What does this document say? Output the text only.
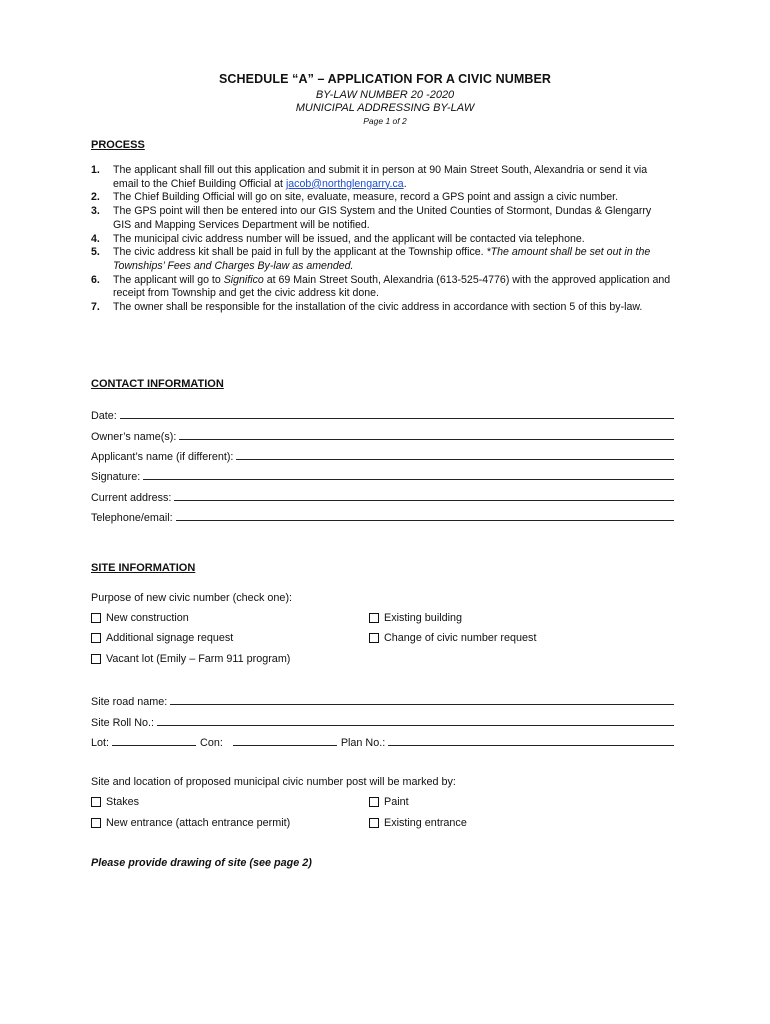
SCHEDULE “A” – APPLICATION FOR A CIVIC NUMBER
BY-LAW NUMBER 20 -2020
MUNICIPAL ADDRESSING BY-LAW
Page 1 of 2
PROCESS
1. The applicant shall fill out this application and submit it in person at 90 Main Street South, Alexandria or send it via email to the Chief Building Official at jacob@northglengarry.ca.
2. The Chief Building Official will go on site, evaluate, measure, record a GPS point and assign a civic number.
3. The GPS point will then be entered into our GIS System and the United Counties of Stormont, Dundas & Glengarry GIS and Mapping Services Department will be notified.
4. The municipal civic address number will be issued, and the applicant will be contacted via telephone.
5. The civic address kit shall be paid in full by the applicant at the Township office. *The amount shall be set out in the Townships’ Fees and Charges By-law as amended.
6. The applicant will go to Significo at 69 Main Street South, Alexandria (613-525-4776) with the approved application and receipt from Township and get the civic address kit done.
7. The owner shall be responsible for the installation of the civic address in accordance with section 5 of this by-law.
CONTACT INFORMATION
Date:
Owner’s name(s):
Applicant’s name (if different):
Signature:
Current address:
Telephone/email:
SITE INFORMATION
Purpose of new civic number (check one):
New construction	Existing building
Additional signage request	Change of civic number request
Vacant lot (Emily – Farm 911 program)
Site road name:
Site Roll No.:
Lot:	Con:	Plan No.:
Site and location of proposed municipal civic number post will be marked by:
Stakes	Paint
New entrance (attach entrance permit)	Existing entrance
Please provide drawing of site (see page 2)
